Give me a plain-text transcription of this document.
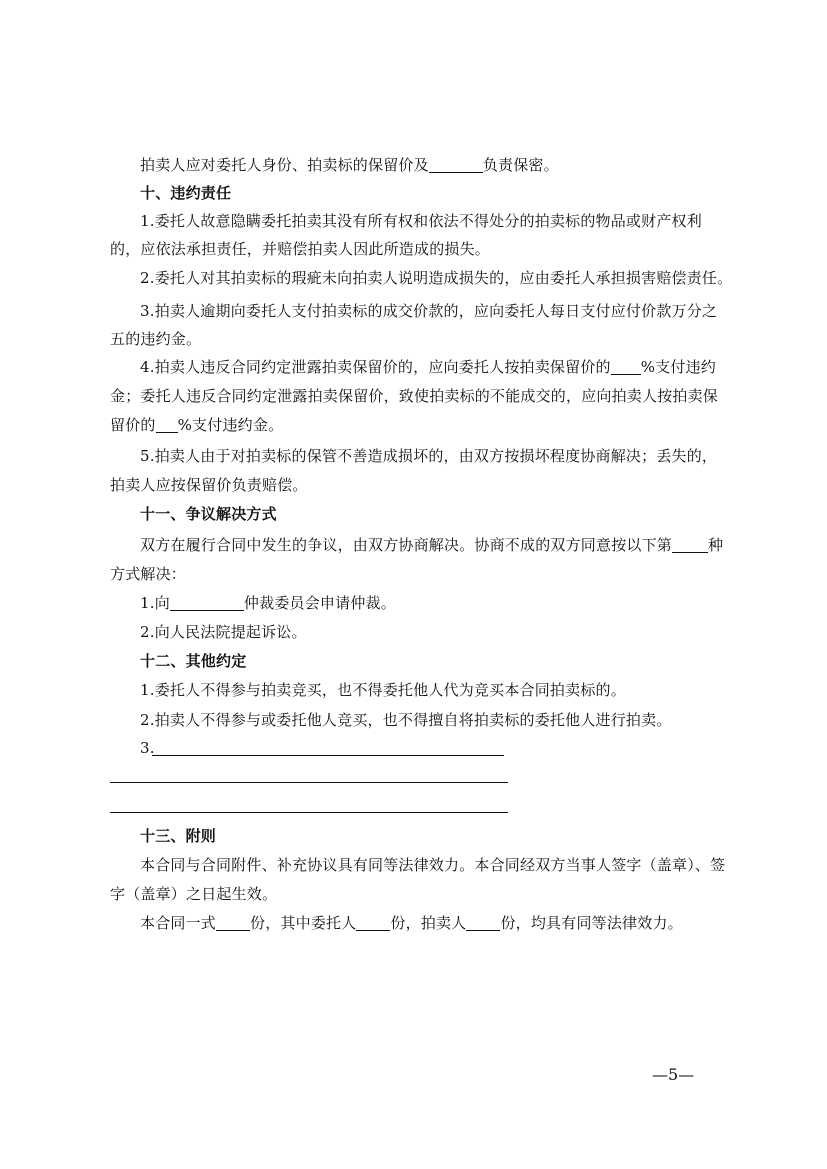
拍卖人应对委托人身份、拍卖标的保留价及	负责保密。
十、违约责任
1.委托人故意隐瞒委托拍卖其没有所有权和依法不得处分的拍卖标的物品或财产权利
的，应依法承担责任，并赔偿拍卖人因此所造成的损失。
2.委托人对其拍卖标的瑕疵未向拍卖人说明造成损失的，应由委托人承担损害赔偿责任。
3.拍卖人逾期向委托人支付拍卖标的成交价款的，应向委托人每日支付应付价款万分之
五的违约金。
4.拍卖人违反合同约定泄露拍卖保留价的，应向委托人按拍卖保留价的 %支付违约
金；委托人违反合同约定泄露拍卖保留价，致使拍卖标的不能成交的，应向拍卖人按拍卖保
留价的 %支付违约金。
5.拍卖人由于对拍卖标的保管不善造成损坏的，由双方按损坏程度协商解决；丢失的，
拍卖人应按保留价负责赔偿。
十一、争议解决方式
双方在履行合同中发生的争议，由双方协商解决。协商不成的双方同意按以下第 种
方式解决：
1.向	仲裁委员会申请仲裁。
2.向人民法院提起诉讼。
十二、其他约定
1.委托人不得参与拍卖竞买，也不得委托他人代为竞买本合同拍卖标的。
2.拍卖人不得参与或委托他人竞买，也不得擅自将拍卖标的委托他人进行拍卖。
3.
十三、附则
本合同与合同附件、补充协议具有同等法律效力。本合同经双方当事人签字（盖章）、签
字（盖章）之日起生效。
本合同一式 份，其中委托人 份，拍卖人 份，均具有同等法律效力。
—5—
